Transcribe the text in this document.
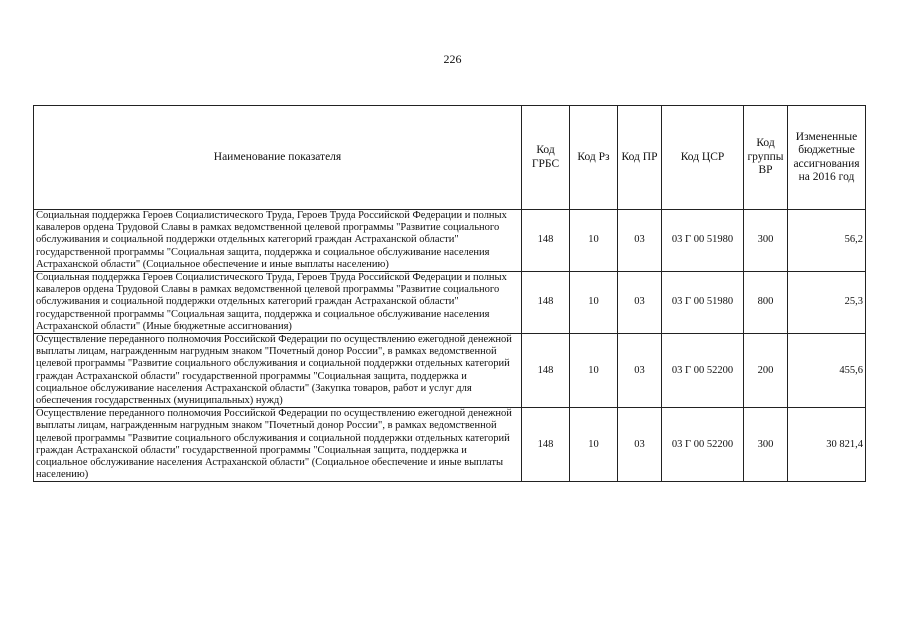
226
Наименование показателя	Код ГРБС	Код Рз	Код ПР	Код ЦСР	Код группы ВР	Измененные бюджетные ассигнования на 2016 год
Социальная поддержка Героев Социалистического Труда, Героев Труда Российской Федерации и полных кавалеров ордена Трудовой Славы в рамках ведомственной целевой программы "Развитие социального обслуживания и социальной поддержки отдельных категорий граждан Астраханской области" государственной программы "Социальная защита, поддержка и социальное обслуживание населения Астраханской области" (Социальное обеспечение и иные выплаты населению)	148	10	03	03 Г 00 51980	300	56,2
Социальная поддержка Героев Социалистического Труда, Героев Труда Российской Федерации и полных кавалеров ордена Трудовой Славы в рамках ведомственной целевой программы "Развитие социального обслуживания и социальной поддержки отдельных категорий граждан Астраханской области" государственной программы "Социальная защита, поддержка и социальное обслуживание населения Астраханской области" (Иные бюджетные ассигнования)	148	10	03	03 Г 00 51980	800	25,3
Осуществление переданного полномочия Российской Федерации по осуществлению ежегодной денежной выплаты лицам, награжденным нагрудным знаком "Почетный донор России", в рамках ведомственной целевой программы "Развитие социального обслуживания и социальной поддержки отдельных категорий граждан Астраханской области" государственной программы "Социальная защита, поддержка и социальное обслуживание населения Астраханской области" (Закупка товаров, работ и услуг для обеспечения государственных (муниципальных) нужд)	148	10	03	03 Г 00 52200	200	455,6
Осуществление переданного полномочия Российской Федерации по осуществлению ежегодной денежной выплаты лицам, награжденным нагрудным знаком "Почетный донор России", в рамках ведомственной целевой программы "Развитие социального обслуживания и социальной поддержки отдельных категорий граждан Астраханской области" государственной программы "Социальная защита, поддержка и социальное обслуживание населения Астраханской области" (Социальное обеспечение и иные выплаты населению)	148	10	03	03 Г 00 52200	300	30 821,4
